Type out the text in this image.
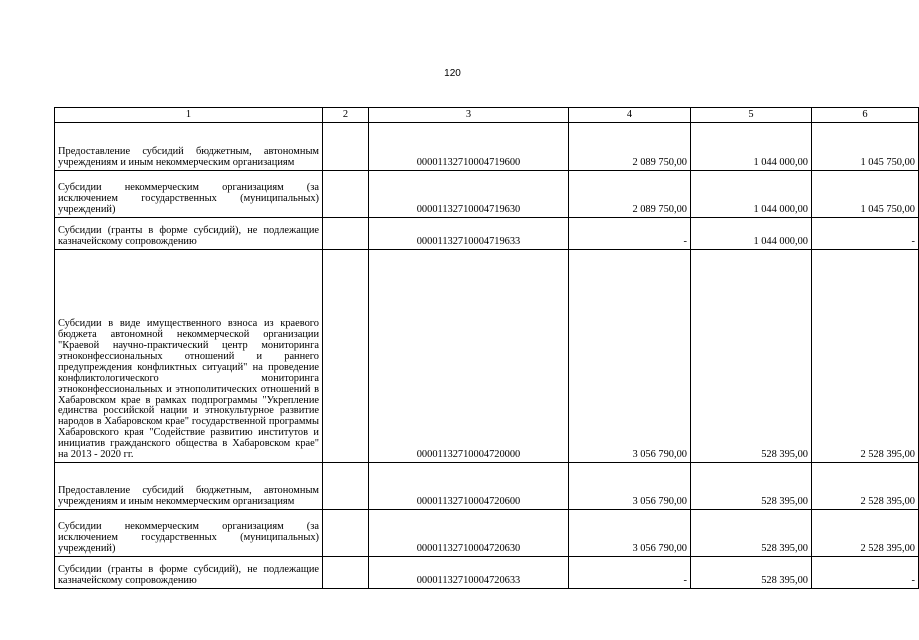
120
1	2	3	4	5	6
Предоставление субсидий бюджетным, автономным учреждениям и иным некоммерческим организациям		00001132710004719600	2 089 750,00	1 044 000,00	1 045 750,00
Субсидии некоммерческим организациям (за исключением государственных (муниципальных) учреждений)		00001132710004719630	2 089 750,00	1 044 000,00	1 045 750,00
Субсидии (гранты в форме субсидий), не подлежащие казначейскому сопровождению		00001132710004719633	-	1 044 000,00	-
Субсидии в виде имущественного взноса из краевого бюджета автономной некоммерческой организации "Краевой научно-практический центр мониторинга этноконфессиональных отношений и раннего предупреждения конфликтных ситуаций" на проведение конфликтологического мониторинга этноконфессиональных и этнополитических отношений в Хабаровском крае в рамках подпрограммы "Укрепление единства российской нации и этнокультурное развитие народов в Хабаровском крае" государственной программы Хабаровского края "Содействие развитию институтов и инициатив гражданского общества в Хабаровском крае" на 2013 - 2020 гг.		00001132710004720000	3 056 790,00	528 395,00	2 528 395,00
Предоставление субсидий бюджетным, автономным учреждениям и иным некоммерческим организациям		00001132710004720600	3 056 790,00	528 395,00	2 528 395,00
Субсидии некоммерческим организациям (за исключением государственных (муниципальных) учреждений)		00001132710004720630	3 056 790,00	528 395,00	2 528 395,00
Субсидии (гранты в форме субсидий), не подлежащие казначейскому сопровождению		00001132710004720633	-	528 395,00	-
